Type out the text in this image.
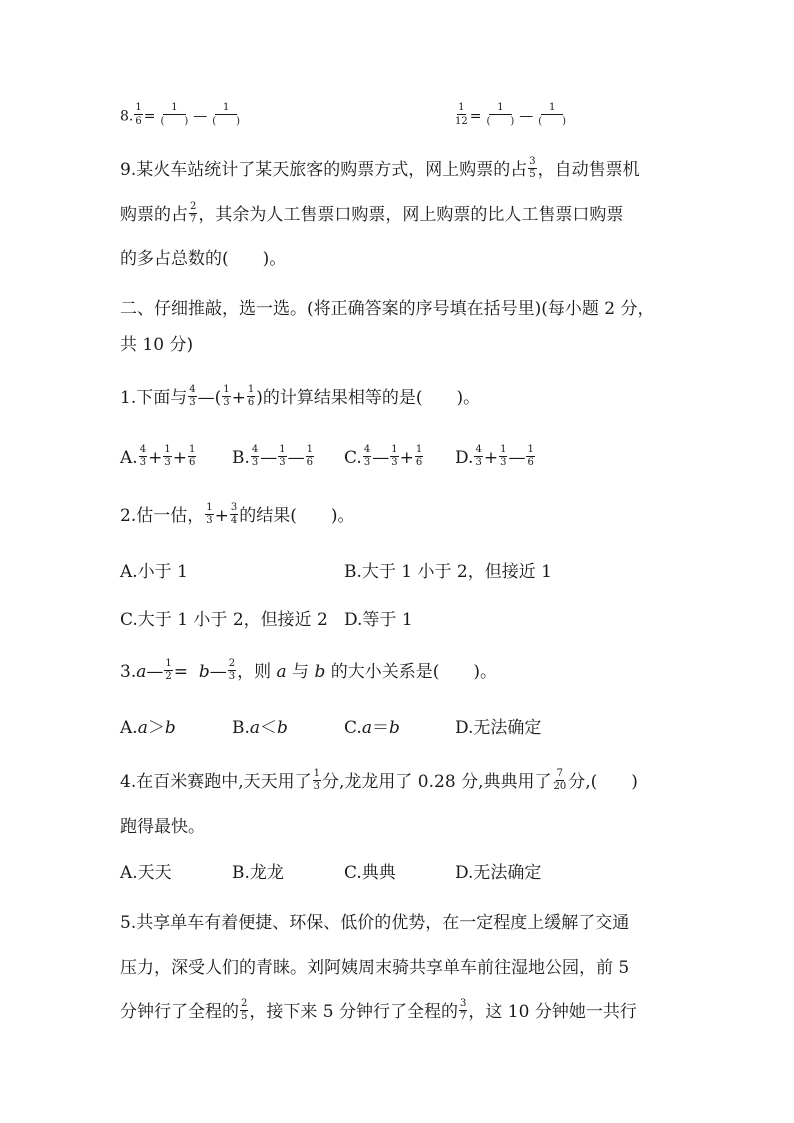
8. $\frac{1}{6} = \frac{1}{( )}$ — $\frac{1}{( )}$	$\frac{1}{12} = \frac{1}{( )}$ — $\frac{1}{( )}$
9.某火车站统计了某天旅客的购票方式，网上购票的占 $\frac{3}{5}$ ，自动售票机
购票的占 $\frac{2}{7}$ ，其余为人工售票口购票，网上购票的比人工售票口购票
的多占总数的(　　)。
二、仔细推敲，选一选。(将正确答案的序号填在括号里)(每小题 2 分，
共 10 分)
1.下面与 $\frac{4}{3}$ —( $\frac{1}{3} + \frac{1}{6}$ )的计算结果相等的是(　　)。
A. $\frac{4}{3} + \frac{1}{3} + \frac{1}{6} B$. $\frac{4}{3}$ — $\frac{1}{3}$ — $\frac{1}{6} C$. $\frac{4}{3}$ — $\frac{1}{3} + \frac{1}{6} D$. $\frac{4}{3} + \frac{1}{3}$ — $\frac{1}{6}$
2.估一估， $\frac{1}{3} + \frac{3}{4}$ 的结果(　　)。
A.小于 1	B.大于 1 小于 2，但接近 1
C.大于 1 小于 2，但接近 2 D.等于 1
3.a— $\frac{1}{2}$ =  b— $\frac{2}{3}$ ，则 a 与 b 的大小关系是(　　)。
A.a＞b	B.a＜b	C.a＝b	D.无法确定
4.在百米赛跑中,天天用了 $\frac{1}{3}$ 分,龙龙用了 0.28 分,典典用了 $\frac{7}{20}$ 分,(　　)
跑得最快。
A.天天	B.龙龙	C.典典	D.无法确定
5.共享单车有着便捷、环保、低价的优势，在一定程度上缓解了交通
压力，深受人们的青睐。刘阿姨周末骑共享单车前往湿地公园，前 5
分钟行了全程的 $\frac{2}{5}$ ，接下来 5 分钟行了全程的 $\frac{3}{7}$ ，这 10 分钟她一共行
